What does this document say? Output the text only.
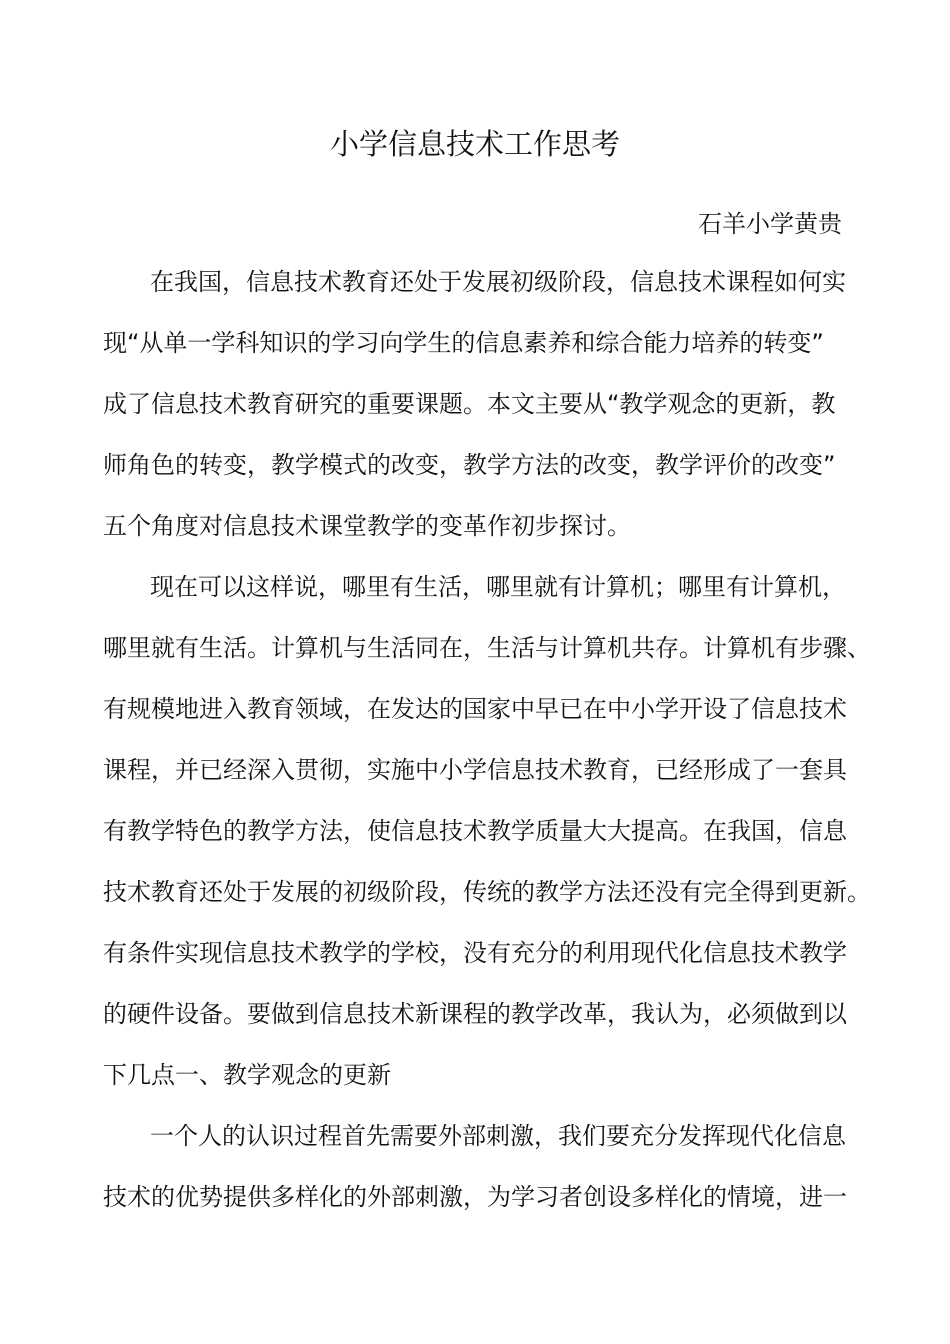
小学信息技术工作思考
石羊小学黄贵
在我国，信息技术教育还处于发展初级阶段，信息技术课程如何实
现“从单一学科知识的学习向学生的信息素养和综合能力培养的转变”
成了信息技术教育研究的重要课题。本文主要从“教学观念的更新，教
师角色的转变，教学模式的改变，教学方法的改变，教学评价的改变”
五个角度对信息技术课堂教学的变革作初步探讨。
现在可以这样说，哪里有生活，哪里就有计算机；哪里有计算机，
哪里就有生活。计算机与生活同在，生活与计算机共存。计算机有步骤、
有规模地进入教育领域，在发达的国家中早已在中小学开设了信息技术
课程，并已经深入贯彻，实施中小学信息技术教育，已经形成了一套具
有教学特色的教学方法，使信息技术教学质量大大提高。在我国，信息
技术教育还处于发展的初级阶段，传统的教学方法还没有完全得到更新。
有条件实现信息技术教学的学校，没有充分的利用现代化信息技术教学
的硬件设备。要做到信息技术新课程的教学改革，我认为，必须做到以
下几点一、教学观念的更新
一个人的认识过程首先需要外部刺激，我们要充分发挥现代化信息
技术的优势提供多样化的外部刺激，为学习者创设多样化的情境，进一
